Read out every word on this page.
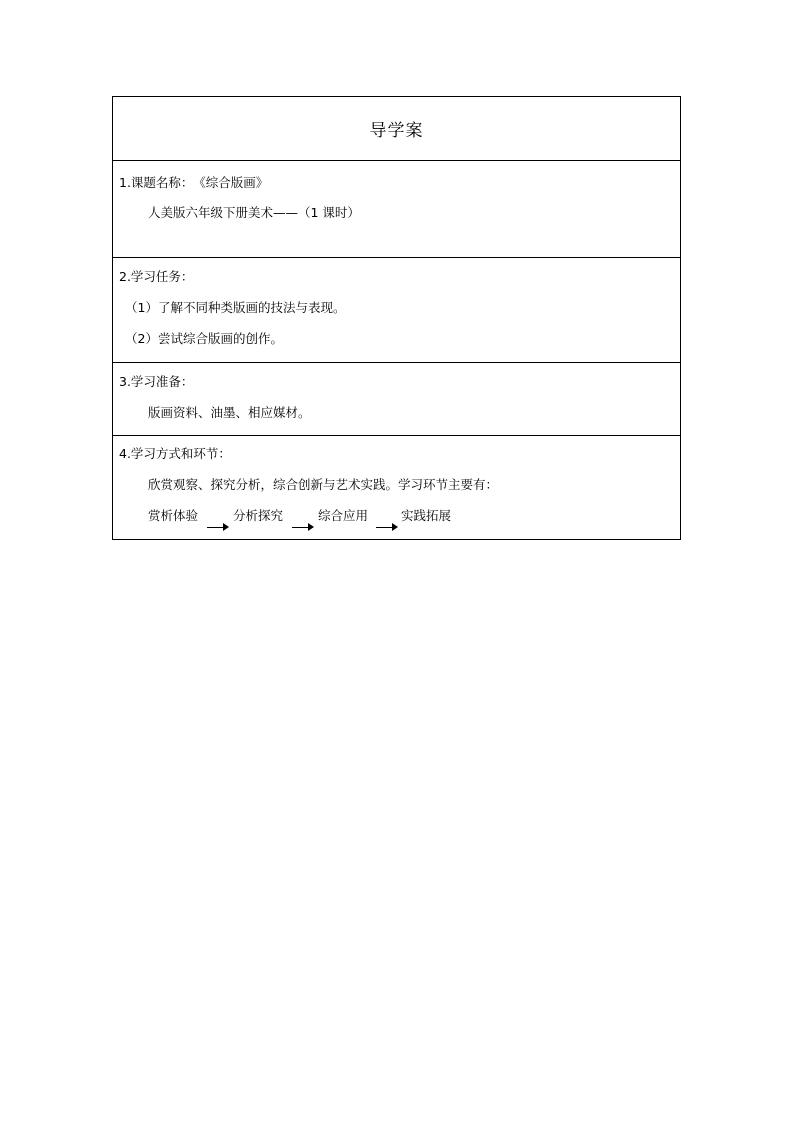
导学案
1.课题名称： 《综合版画》
人美版六年级下册美术——（1 课时）
2.学习任务：
（1）了解不同种类版画的技法与表现。
（2）尝试综合版画的创作。
3.学习准备：
版画资料、油墨、相应媒材。
4.学习方式和环节：
欣赏观察、探究分析，综合创新与艺术实践。学习环节主要有：
赏析体验	分析探究	综合应用	实践拓展
